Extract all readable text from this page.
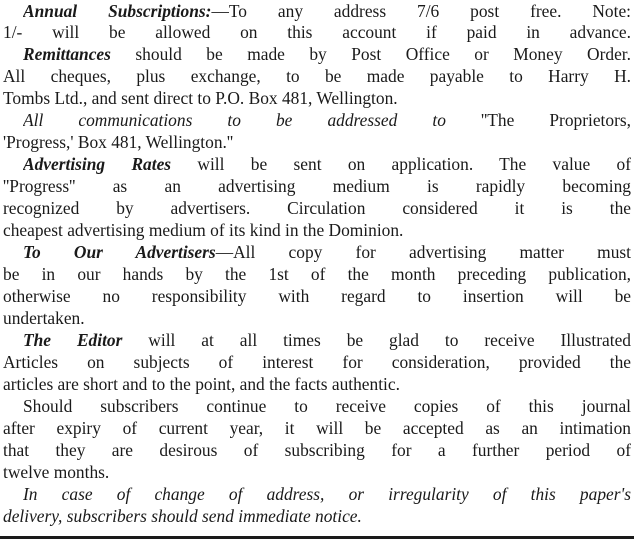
Annual Subscriptions:—To any address 7/6 post free. Note:
1/- will be allowed on this account if paid in advance.
Remittances should be made by Post Office or Money Order.
All cheques, plus exchange, to be made payable to Harry H.
Tombs Ltd., and sent direct to P.O. Box 481, Wellington.
All communications to be addressed to ''The Proprietors,
'Progress,' Box 481, Wellington.''
Advertising Rates will be sent on application. The value of
''Progress'' as an advertising medium is rapidly becoming
recognized by advertisers. Circulation considered it is the
cheapest advertising medium of its kind in the Dominion.
To Our Advertisers—All copy for advertising matter must
be in our hands by the 1st of the month preceding publication,
otherwise no responsibility with regard to insertion will be
undertaken.
The Editor will at all times be glad to receive Illustrated
Articles on subjects of interest for consideration, provided the
articles are short and to the point, and the facts authentic.
Should subscribers continue to receive copies of this journal
after expiry of current year, it will be accepted as an intimation
that they are desirous of subscribing for a further period of
twelve months.
In case of change of address, or irregularity of this paper's
delivery, subscribers should send immediate notice.
